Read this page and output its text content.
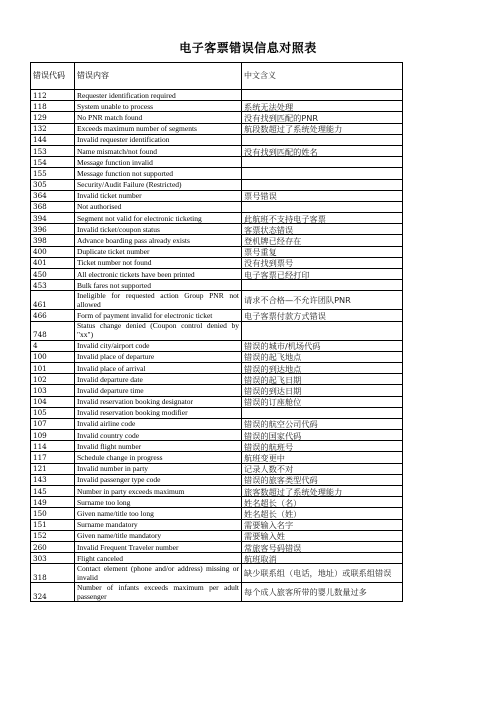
电子客票错误信息对照表
错误代码	错误内容	中文含义
112	Requester identification required	
118	System unable to process	系统无法处理
129	No PNR match found	没有找到匹配的PNR
132	Exceeds maximum number of segments	航段数超过了系统处理能力
144	Invalid requester identification	
153	Name mismatch/not found	没有找到匹配的姓名
154	Message function invalid	
155	Message function not supported	
305	Security/Audit Failure (Restricted)	
364	Invalid ticket number	票号错误
368	Not authorised	
394	Segment not valid for electronic ticketing	此航班不支持电子客票
396	Invalid ticket/coupon status	客票状态错误
398	Advance boarding pass already exists	登机牌已经存在
400	Duplicate ticket number	票号重复
401	Ticket number not found	没有找到票号
450	All electronic tickets have been printed	电子客票已经打印
453	Bulk fares not supported	
461	Ineligible for requested action Group PNR not allowed	请求不合格—不允许团队PNR
466	Form of payment invalid for electronic ticket	电子客票付款方式错误
748	Status change denied (Coupon control denied by "xx")	
4	Invalid city/airport code	错误的城市/机场代码
100	Invalid place of departure	错误的起飞地点
101	Invalid place of arrival	错误的到达地点
102	Invalid departure date	错误的起飞日期
103	Invalid departure time	错误的到达日期
104	Invalid reservation booking designator	错误的订座舱位
105	Invalid reservation booking modifier	
107	Invalid airline code	错误的航空公司代码
109	Invalid country code	错误的国家代码
114	Invalid flight number	错误的航班号
117	Schedule change in progress	航班变更中
121	Invalid number in party	记录人数不对
143	Invalid passenger type code	错误的旅客类型代码
145	Number in party exceeds maximum	旅客数超过了系统处理能力
149	Surname too long	姓名超长（名）
150	Given name/title too long	姓名超长（姓）
151	Surname mandatory	需要输入名字
152	Given name/title mandatory	需要输入姓
260	Invalid Frequent Traveler number	常旅客号码错误
303	Flight canceled	航班取消
318	Contact element (phone and/or address) missing or invalid	缺少联系组（电话，地址）或联系组错误
324	Number of infants exceeds maximum per adult passenger	每个成人旅客所带的婴儿数量过多
